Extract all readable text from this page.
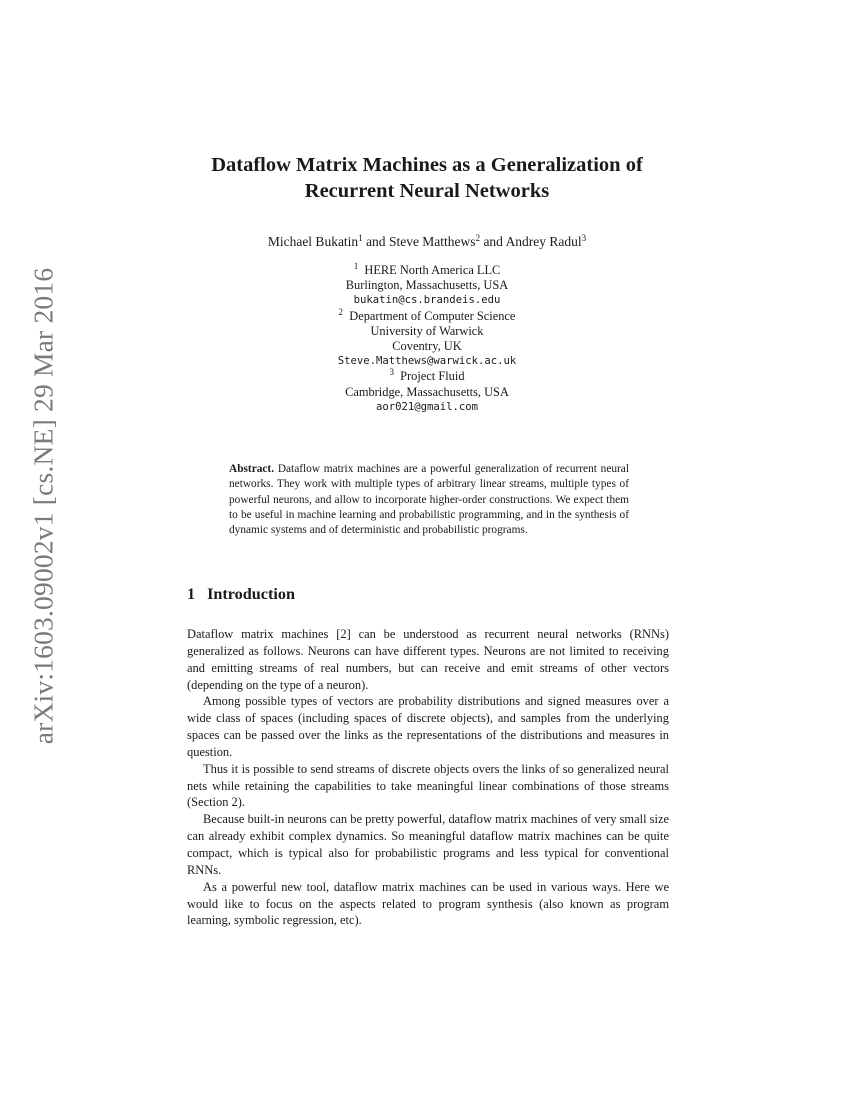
arXiv:1603.09002v1 [cs.NE] 29 Mar 2016
Dataflow Matrix Machines as a Generalization of
Recurrent Neural Networks
Michael Bukatin$^1$ and Steve Matthews$^2$ and Andrey Radul$^3$
$^1$ HERE North America LLC
Burlington, Massachusetts, USA
bukatin@cs.brandeis.edu
$^2$ Department of Computer Science
University of Warwick
Coventry, UK
Steve.Matthews@warwick.ac.uk
$^3$ Project Fluid
Cambridge, Massachusetts, USA
aor021@gmail.com
Abstract. Dataflow matrix machines are a powerful generalization of recurrent neural networks. They work with multiple types of arbitrary linear streams, multiple types of powerful neurons, and allow to incorporate higher-order constructions. We expect them to be useful in machine learning and probabilistic programming, and in the synthesis of dynamic systems and of deterministic and probabilistic programs.
1 Introduction

Dataflow matrix machines [2] can be understood as recurrent neural networks (RNNs) generalized as follows. Neurons can have different types. Neurons are not limited to receiving and emitting streams of real numbers, but can receive and emit streams of other vectors (depending on the type of a neuron).

Among possible types of vectors are probability distributions and signed measures over a wide class of spaces (including spaces of discrete objects), and samples from the underlying spaces can be passed over the links as the representations of the distributions and measures in question.

Thus it is possible to send streams of discrete objects overs the links of so generalized neural nets while retaining the capabilities to take meaningful linear combinations of those streams (Section 2).

Because built-in neurons can be pretty powerful, dataflow matrix machines of very small size can already exhibit complex dynamics. So meaningful dataflow matrix machines can be quite compact, which is typical also for probabilistic programs and less typical for conventional RNNs.

As a powerful new tool, dataflow matrix machines can be used in various ways. Here we would like to focus on the aspects related to program synthesis (also known as program learning, symbolic regression, etc).
